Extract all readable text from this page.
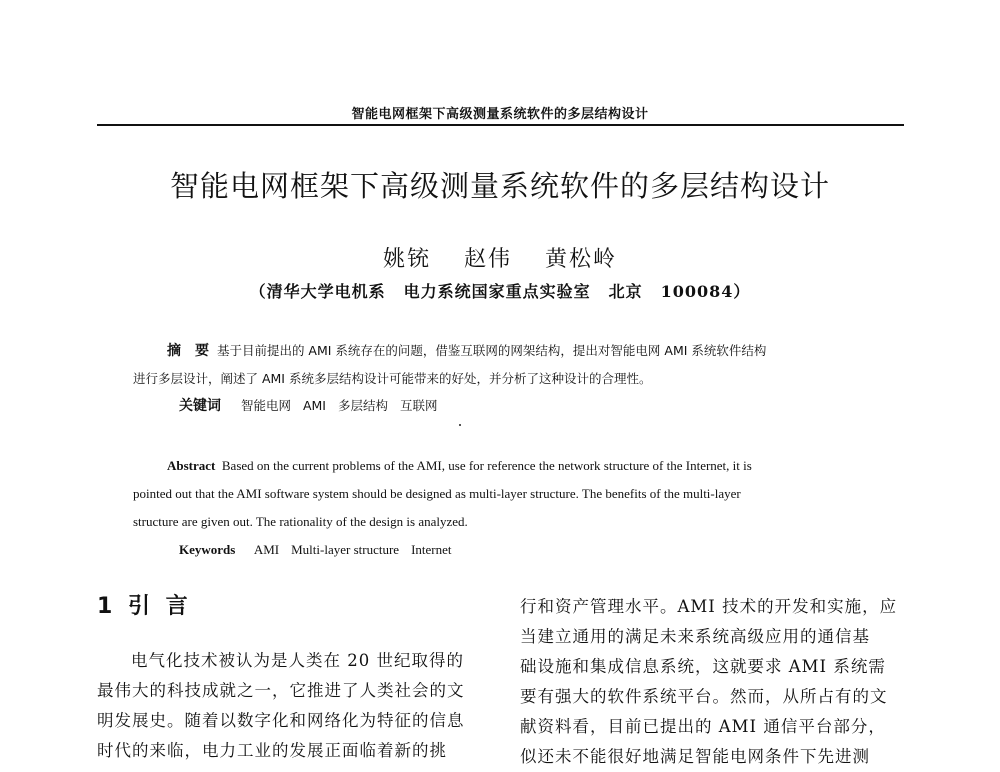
智能电网框架下高级测量系统软件的多层结构设计
智能电网框架下高级测量系统软件的多层结构设计
姚铳 赵伟 黄松岭
（清华大学电机系 电力系统国家重点实验室 北京 100084）

摘　要 基于目前提出的 AMI 系统存在的问题，借鉴互联网的网架结构，提出对智能电网 AMI 系统软件结构

进行多层设计，阐述了 AMI 系统多层结构设计可能带来的好处，并分析了这种设计的合理性。

关键词 智能电网 AMI 多层结构 互联网

Abstract Based on the current problems of the AMI, use for reference the network structure of the Internet, it is

pointed out that the AMI software system should be designed as multi-layer structure. The benefits of the multi-layer

structure are given out. The rationality of the design is analyzed.

Keywords AMI Multi-layer structure Internet

1 引 言

电气化技术被认为是人类在 20 世纪取得的

最伟大的科技成就之一，它推进了人类社会的文

明发展史。随着以数字化和网络化为特征的信息

时代的来临，电力工业的发展正面临着新的挑

行和资产管理水平。AMI 技术的开发和实施，应

当建立通用的满足未来系统高级应用的通信基

础设施和集成信息系统，这就要求 AMI 系统需

要有强大的软件系统平台。然而，从所占有的文

献资料看，目前已提出的 AMI 通信平台部分，

似还未不能很好地满足智能电网条件下先进测
